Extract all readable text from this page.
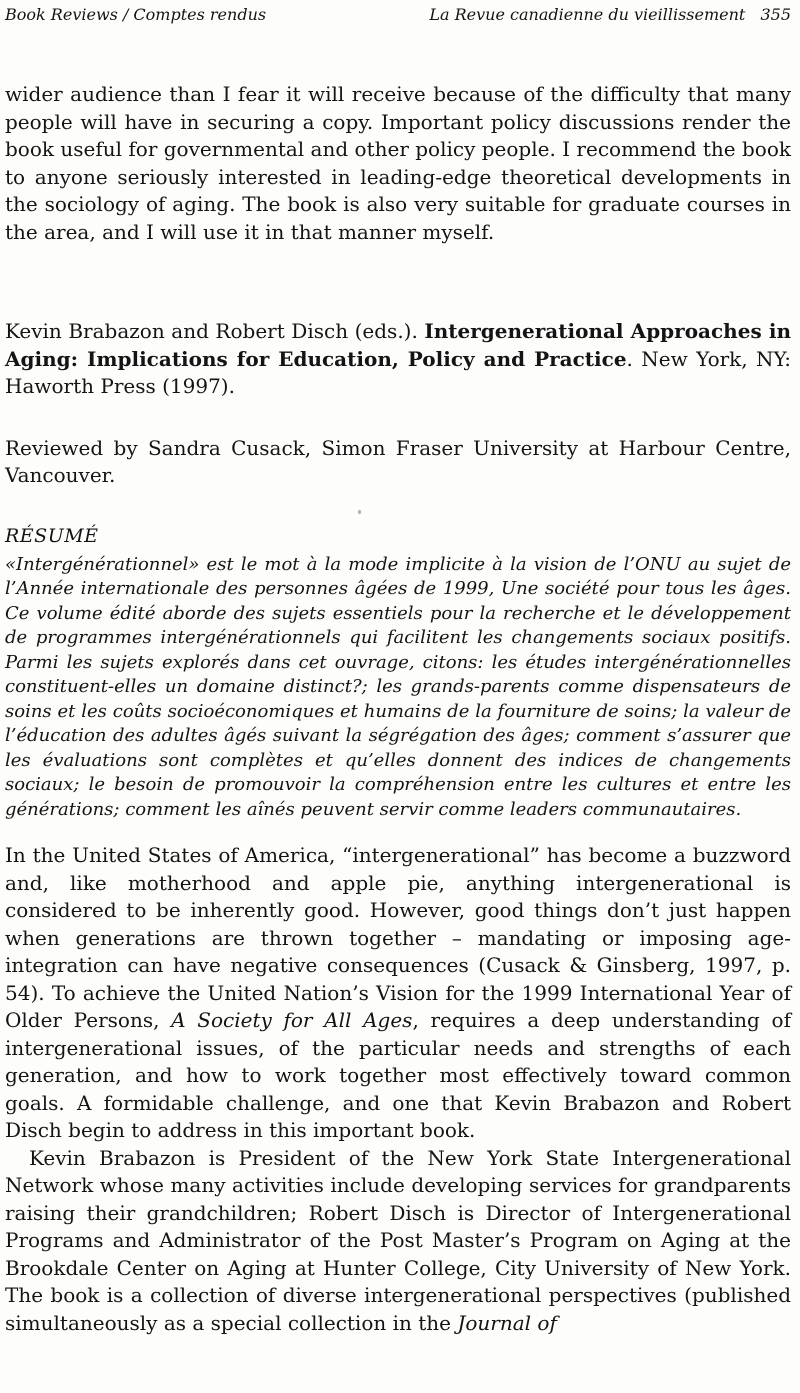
Book Reviews / Comptes rendus	La Revue canadienne du vieillissement 355

wider audience than I fear it will receive because of the difficulty that many people will have in securing a copy. Important policy discussions render the book useful for governmental and other policy people. I recommend the book to anyone seriously interested in leading-edge theoretical developments in the sociology of aging. The book is also very suitable for graduate courses in the area, and I will use it in that manner myself.

Kevin Brabazon and Robert Disch (eds.). Intergenerational Approaches in Aging: Implications for Education, Policy and Practice. New York, NY: Haworth Press (1997).

Reviewed by Sandra Cusack, Simon Fraser University at Harbour Centre, Vancouver.

RÉSUMÉ

«Intergénérationnel» est le mot à la mode implicite à la vision de l’ONU au sujet de l’Année internationale des personnes âgées de 1999, Une société pour tous les âges. Ce volume édité aborde des sujets essentiels pour la recherche et le développement de programmes intergénérationnels qui facilitent les changements sociaux positifs. Parmi les sujets explorés dans cet ouvrage, citons: les études intergénérationnelles constituent-elles un domaine distinct?; les grands-parents comme dispensateurs de soins et les coûts socioéconomiques et humains de la fourniture de soins; la valeur de l’éducation des adultes âgés suivant la ségrégation des âges; comment s’assurer que les évaluations sont complètes et qu’elles donnent des indices de changements sociaux; le besoin de promouvoir la compréhension entre les cultures et entre les générations; comment les aînés peuvent servir comme leaders communautaires.

In the United States of America, “intergenerational” has become a buzzword and, like motherhood and apple pie, anything intergenerational is considered to be inherently good. However, good things don’t just happen when generations are thrown together – mandating or imposing age-integration can have negative consequences (Cusack & Ginsberg, 1997, p. 54). To achieve the United Nation’s Vision for the 1999 International Year of Older Persons, A Society for All Ages, requires a deep understanding of intergenerational issues, of the particular needs and strengths of each generation, and how to work together most effectively toward common goals. A formidable challenge, and one that Kevin Brabazon and Robert Disch begin to address in this important book.

Kevin Brabazon is President of the New York State Intergenerational Network whose many activities include developing services for grandparents raising their grandchildren; Robert Disch is Director of Intergenerational Programs and Administrator of the Post Master’s Program on Aging at the Brookdale Center on Aging at Hunter College, City University of New York. The book is a collection of diverse intergenerational perspectives (published simultaneously as a special collection in the Journal of
